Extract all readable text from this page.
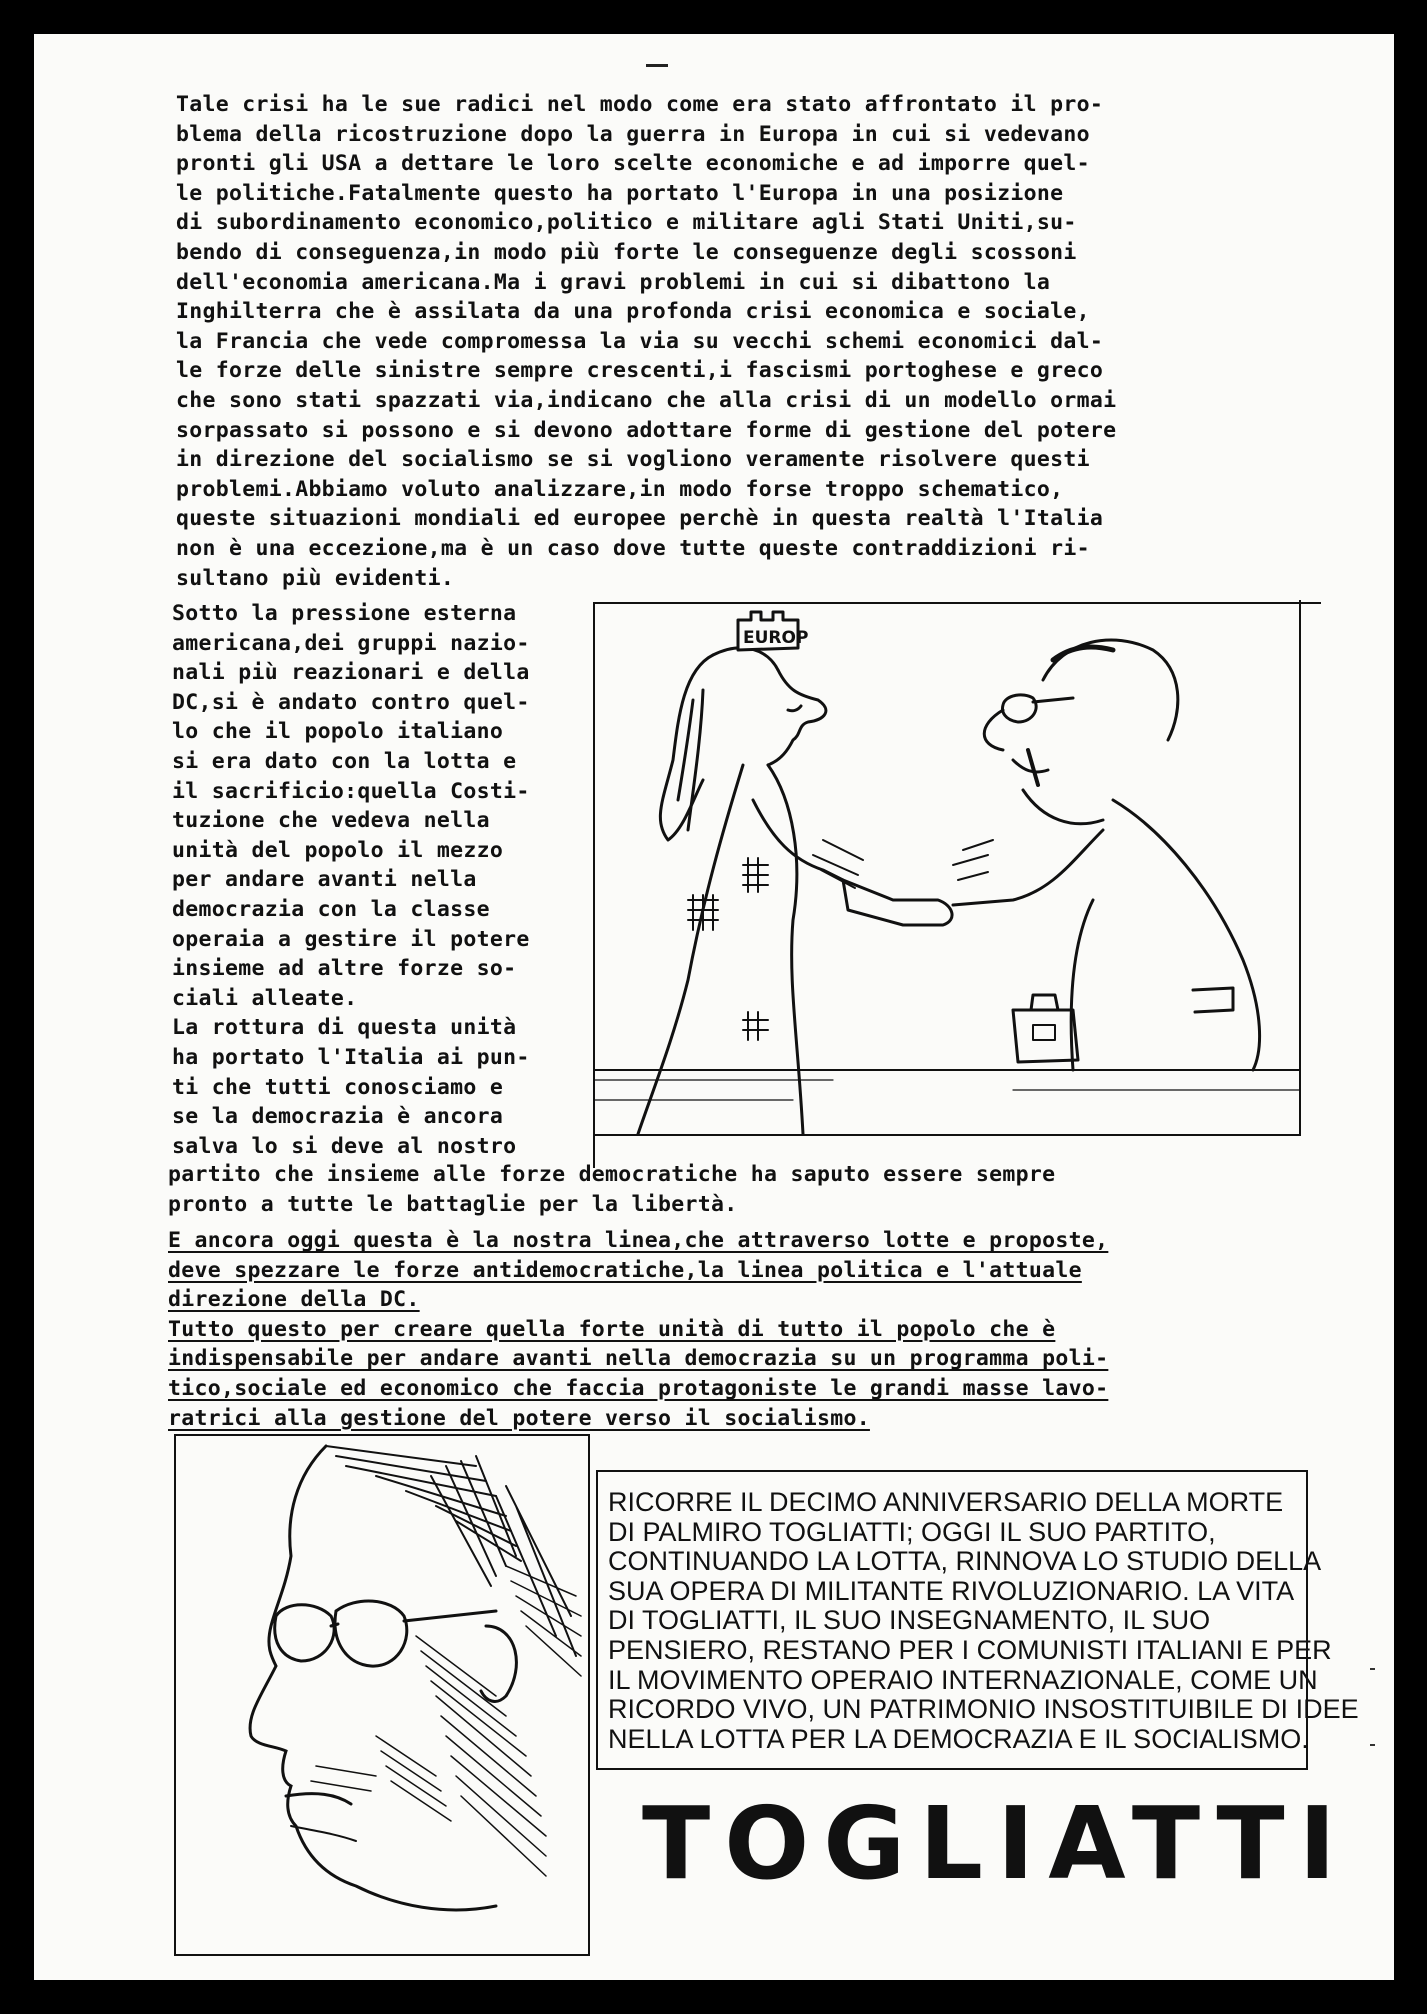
Tale crisi ha le sue radici nel modo come era stato affrontato il pro-

blema della ricostruzione dopo la guerra in Europa in cui si vedevano

pronti gli USA a dettare le loro scelte economiche e ad imporre quel-

le politiche.Fatalmente questo ha portato l'Europa in una posizione

di subordinamento economico,politico e militare agli Stati Uniti,su-

bendo di conseguenza,in modo più forte le conseguenze degli scossoni

dell'economia americana.Ma i gravi problemi in cui si dibattono la

Inghilterra che è assilata da una profonda crisi economica e sociale,

la Francia che vede compromessa la via su vecchi schemi economici dal-

le forze delle sinistre sempre crescenti,i fascismi portoghese e greco

che sono stati spazzati via,indicano che alla crisi di un modello ormai

sorpassato si possono e si devono adottare forme di gestione del potere

in direzione del socialismo se si vogliono veramente risolvere questi

problemi.Abbiamo voluto analizzare,in modo forse troppo schematico,

queste situazioni mondiali ed europee perchè in questa realtà l'Italia

non è una eccezione,ma è un caso dove tutte queste contraddizioni ri-

sultano più evidenti.

Sotto la pressione esterna

americana,dei gruppi nazio-

nali più reazionari e della

DC,si è andato contro quel-

lo che il popolo italiano

si era dato con la lotta e

il sacrificio:quella Costi-

tuzione che vedeva nella

unità del popolo il mezzo

per andare avanti nella

democrazia con la classe

operaia a gestire il potere

insieme ad altre forze so-

ciali alleate.

La rottura di questa unità

ha portato l'Italia ai pun-

ti che tutti conosciamo e

se la democrazia è ancora

salva lo si deve al nostro

EUROP

partito che insieme alle forze democratiche ha saputo essere sempre

pronto a tutte le battaglie per la libertà.

E ancora oggi questa è la nostra linea,che attraverso lotte e proposte,

deve spezzare le forze antidemocratiche,la linea politica e l'attuale

direzione della DC.

Tutto questo per creare quella forte unità di tutto il popolo che è

indispensabile per andare avanti nella democrazia su un programma poli-

tico,sociale ed economico che faccia protagoniste le grandi masse lavo-

ratrici alla gestione del potere verso il socialismo.

RICORRE IL DECIMO ANNIVERSARIO DELLA MORTE

DI PALMIRO TOGLIATTI; OGGI IL SUO PARTITO,

CONTINUANDO LA LOTTA, RINNOVA LO STUDIO DELLA

SUA OPERA DI MILITANTE RIVOLUZIONARIO. LA VITA

DI TOGLIATTI, IL SUO INSEGNAMENTO, IL SUO

PENSIERO, RESTANO PER I COMUNISTI ITALIANI E PER

IL MOVIMENTO OPERAIO INTERNAZIONALE, COME UN

RICORDO VIVO, UN PATRIMONIO INSOSTITUIBILE DI IDEE

NELLA LOTTA PER LA DEMOCRAZIA E IL SOCIALISMO.

TOGLIATTI
